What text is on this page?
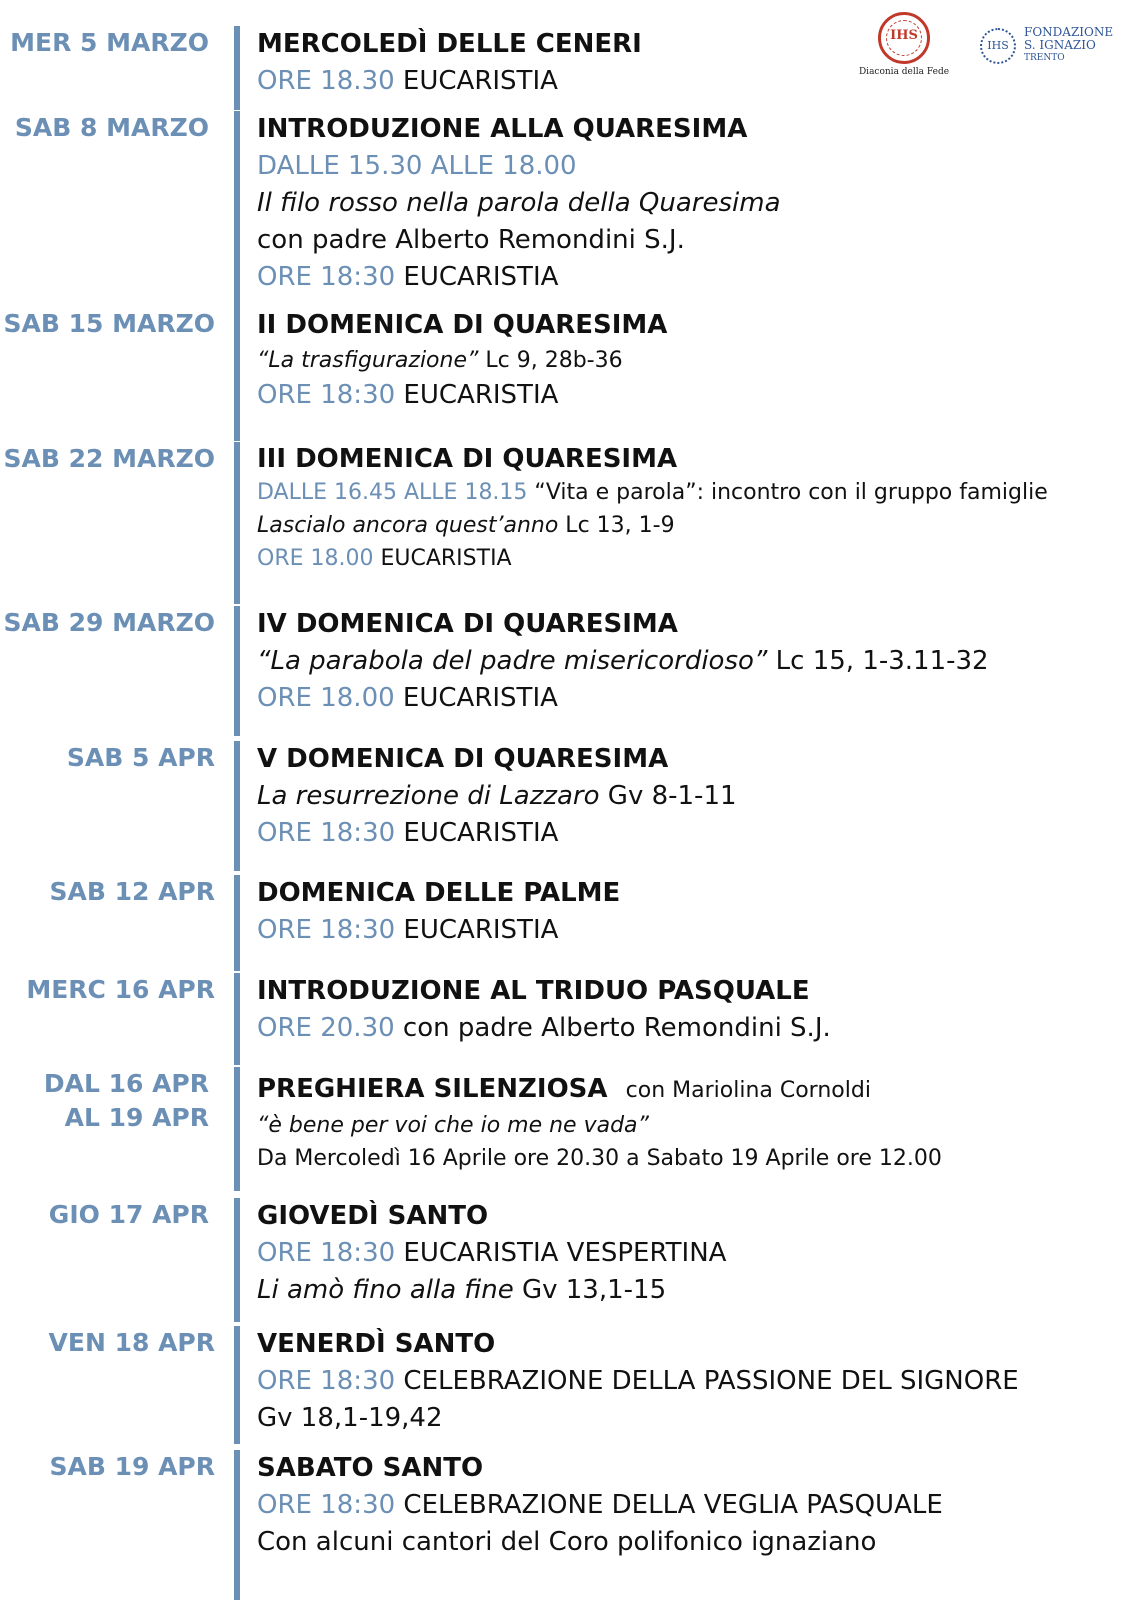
IHS
Diaconia della Fede
IHS
FONDAZIONE
S. IGNAZIO
TRENTO
MER 5 MARZO MERCOLEDÌ DELLE CENERI
ORE 18.30 EUCARISTIA
SAB 8 MARZO INTRODUZIONE ALLA QUARESIMA
DALLE 15.30 ALLE 18.00
Il filo rosso nella parola della Quaresima
con padre Alberto Remondini S.J.
ORE 18:30 EUCARISTIA
SAB 15 MARZO II DOMENICA DI QUARESIMA
“La trasfigurazione” Lc 9, 28b-36
ORE 18:30 EUCARISTIA
SAB 22 MARZO III DOMENICA DI QUARESIMA
DALLE 16.45 ALLE 18.15 “Vita e parola”: incontro con il gruppo famiglie
Lascialo ancora quest’anno Lc 13, 1-9
ORE 18.00 EUCARISTIA
SAB 29 MARZO IV DOMENICA DI QUARESIMA
“La parabola del padre misericordioso” Lc 15, 1-3.11-32
ORE 18.00 EUCARISTIA
SAB 5 APR V DOMENICA DI QUARESIMA
La resurrezione di Lazzaro Gv 8-1-11
ORE 18:30 EUCARISTIA
SAB 12 APR DOMENICA DELLE PALME
ORE 18:30 EUCARISTIA
MERC 16 APR INTRODUZIONE AL TRIDUO PASQUALE
ORE 20.30 con padre Alberto Remondini S.J.
DAL 16 APR
AL 19 APR
PREGHIERA SILENZIOSA con Mariolina Cornoldi
“è bene per voi che io me ne vada”
Da Mercoledì 16 Aprile ore 20.30 a Sabato 19 Aprile ore 12.00
GIO 17 APR GIOVEDÌ SANTO
ORE 18:30 EUCARISTIA VESPERTINA
Li amò fino alla fine Gv 13,1-15
VEN 18 APR VENERDÌ SANTO
ORE 18:30 CELEBRAZIONE DELLA PASSIONE DEL SIGNORE
Gv 18,1-19,42
SAB 19 APR SABATO SANTO
ORE 18:30 CELEBRAZIONE DELLA VEGLIA PASQUALE
Con alcuni cantori del Coro polifonico ignaziano
